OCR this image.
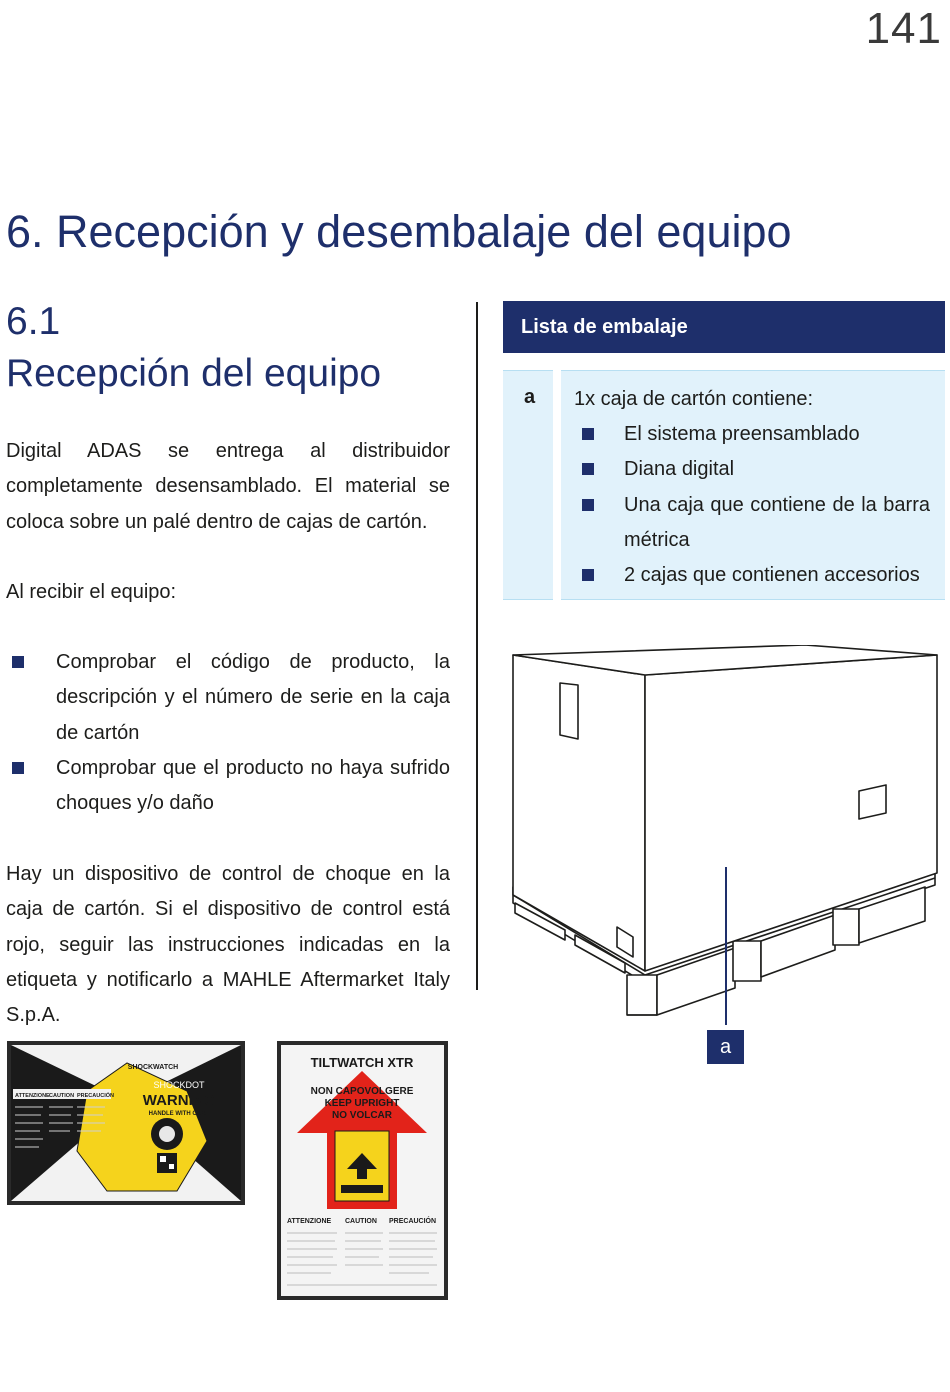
141
6. Recepción y desembalaje del equipo
6.1
Recepción del equipo

Digital ADAS se entrega al distribuidor completamente desensamblado. El material se coloca sobre un palé dentro de cajas de cartón.

Al recibir el equipo:

Comprobar el código de producto, la descripción y el número de serie en la caja de cartón
Comprobar que el producto no haya sufrido choques y/o daño

Hay un dispositivo de control de choque en la caja de cartón. Si el dispositivo de control está rojo, seguir las instrucciones indicadas en la etiqueta y notificarlo a MAHLE Aftermarket Italy S.p.A.

Lista de embalaje
a 1x caja de cartón contiene:
El sistema preensamblado
Diana digital
Una caja que contiene de la barra métrica
2 cajas que contienen accesorios
a
SHOCKWATCH
SHOCKDOT
WARNING
HANDLE WITH CARE
ATTENZIONE CAUTION PRECAUCIÓN
TILTWATCH XTR
NON CAPOVOLGERE
KEEP UPRIGHT
NO VOLCAR
ATTENZIONE CAUTION PRECAUCIÓN
